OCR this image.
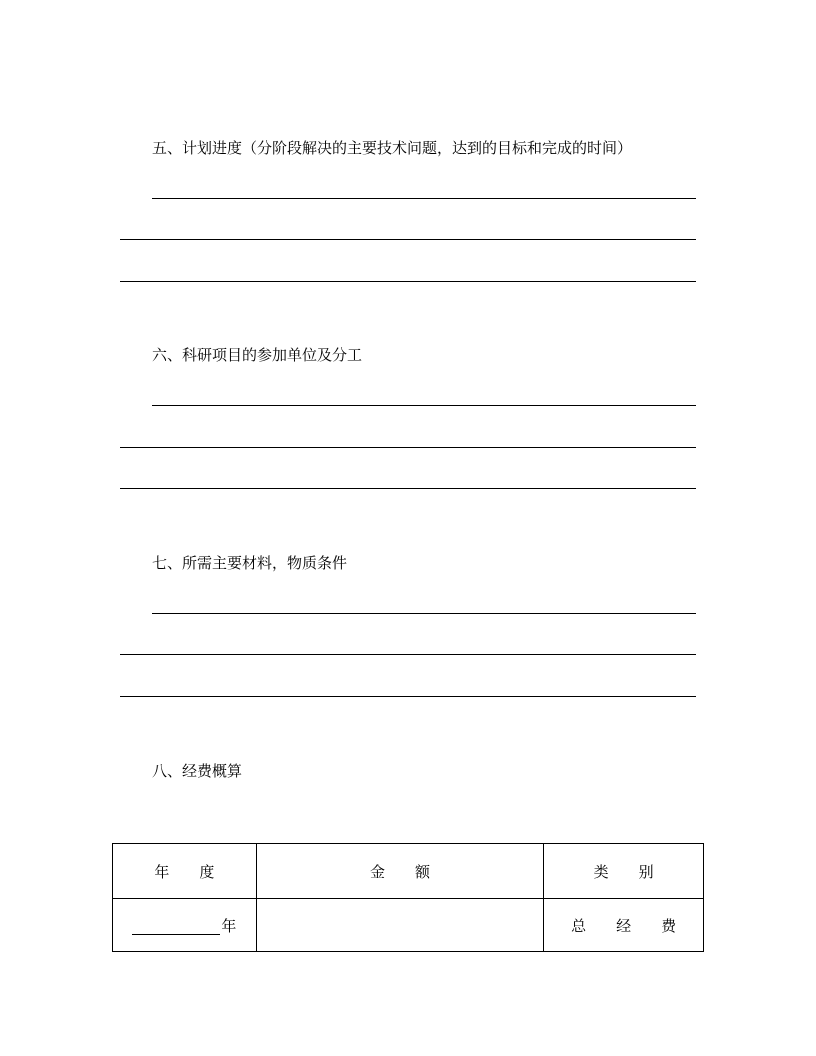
五、计划进度（分阶段解决的主要技术问题，达到的目标和完成的时间）
六、科研项目的参加单位及分工
七、所需主要材料，物质条件
八、经费概算
年　　度	金　　额	类　　别
年		总　　经　　费
